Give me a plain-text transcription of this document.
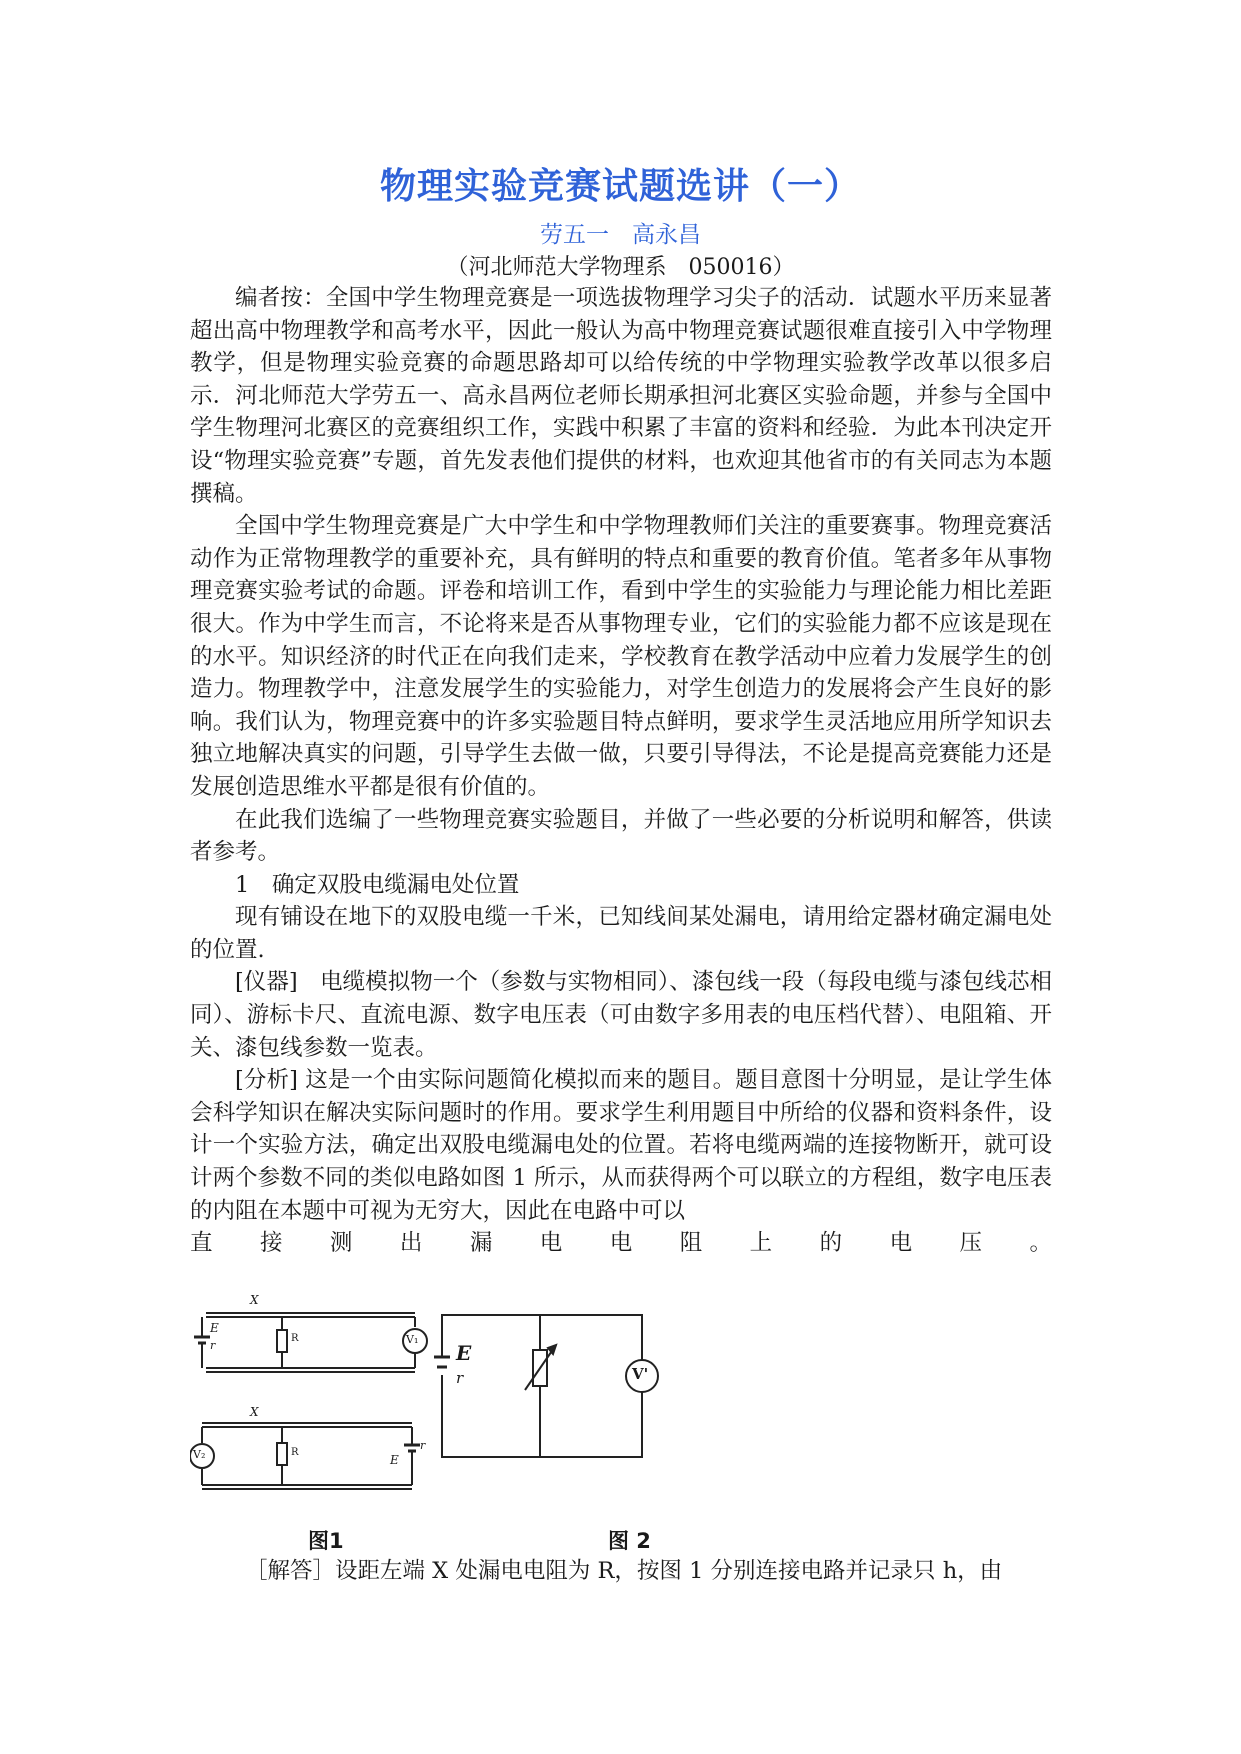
物理实验竞赛试题选讲（一）
劳五一　高永昌
（河北师范大学物理系　050016）

编者按：全国中学生物理竞赛是一项选拔物理学习尖子的活动．试题水平历来显著超出高中物理教学和高考水平，因此一般认为高中物理竞赛试题很难直接引入中学物理教学，但是物理实验竞赛的命题思路却可以给传统的中学物理实验教学改革以很多启示．河北师范大学劳五一、高永昌两位老师长期承担河北赛区实验命题，并参与全国中学生物理河北赛区的竞赛组织工作，实践中积累了丰富的资料和经验．为此本刊决定开设“物理实验竞赛”专题，首先发表他们提供的材料，也欢迎其他省市的有关同志为本题撰稿。

全国中学生物理竞赛是广大中学生和中学物理教师们关注的重要赛事。物理竞赛活动作为正常物理教学的重要补充，具有鲜明的特点和重要的教育价值。笔者多年从事物理竞赛实验考试的命题。评卷和培训工作，看到中学生的实验能力与理论能力相比差距很大。作为中学生而言，不论将来是否从事物理专业，它们的实验能力都不应该是现在的水平。知识经济的时代正在向我们走来，学校教育在教学活动中应着力发展学生的创造力。物理教学中，注意发展学生的实验能力，对学生创造力的发展将会产生良好的影响。我们认为，物理竞赛中的许多实验题目特点鲜明，要求学生灵活地应用所学知识去独立地解决真实的问题，引导学生去做一做，只要引导得法，不论是提高竞赛能力还是发展创造思维水平都是很有价值的。

在此我们选编了一些物理竞赛实验题目，并做了一些必要的分析说明和解答，供读者参考。

1　确定双股电缆漏电处位置

现有铺设在地下的双股电缆一千米，已知线间某处漏电，请用给定器材确定漏电处的位置.

[仪器]　电缆模拟物一个（参数与实物相同）、漆包线一段（每段电缆与漆包线芯相同）、游标卡尺、直流电源、数字电压表（可由数字多用表的电压档代替）、电阻箱、开关、漆包线参数一览表。

[分析] 这是一个由实际问题简化模拟而来的题目。题目意图十分明显，是让学生体会科学知识在解决实际问题时的作用。要求学生利用题目中所给的仪器和资料条件，设计一个实验方法，确定出双股电缆漏电处的位置。若将电缆两端的连接物断开，就可设计两个参数不同的类似电路如图 1 所示，从而获得两个可以联立的方程组，数字电压表的内阻在本题中可视为无穷大，因此在电路中可以

直　接　测　出　漏　电　电　阻　上　的　电　压　。

X
E
r
R	V₁
X
V₂	R
E
r
E
r	V'
图1	图 2
［解答］设距左端 X 处漏电电阻为 R，按图 1 分别连接电路并记录只 h，由
